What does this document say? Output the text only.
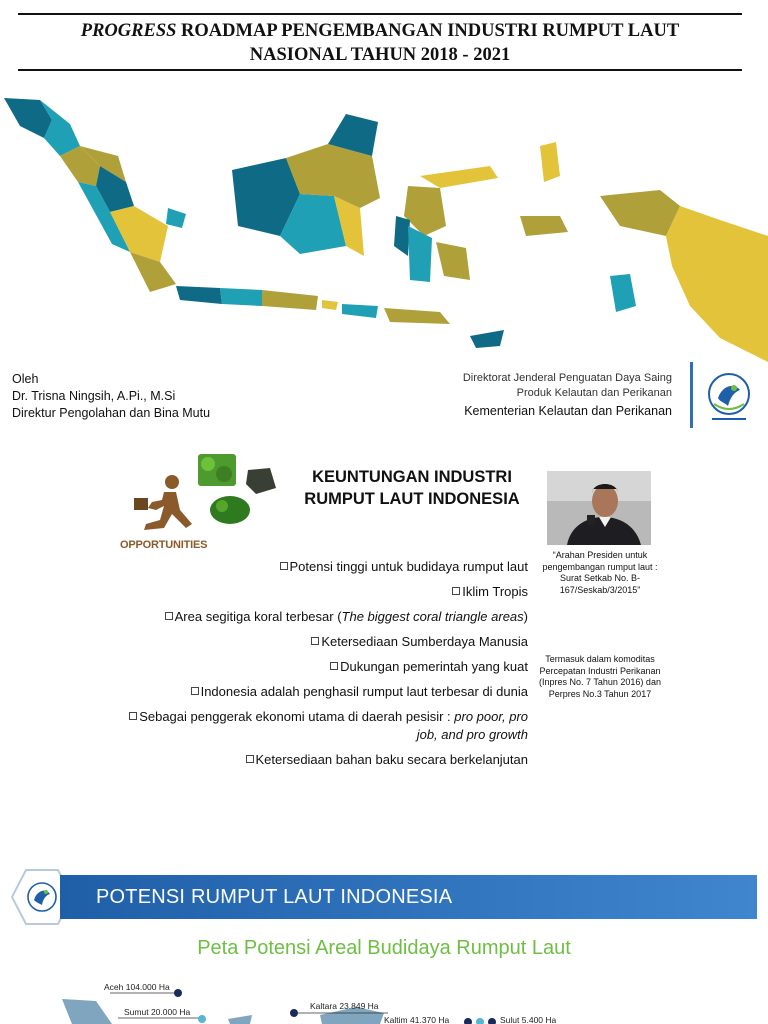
PROGRESS ROADMAP PENGEMBANGAN INDUSTRI RUMPUT LAUT
NASIONAL TAHUN 2018 - 2021
Oleh
Dr. Trisna Ningsih, A.Pi., M.Si
Direktur Pengolahan dan Bina Mutu
Direktorat Jenderal Penguatan Daya Saing
Produk Kelautan dan Perikanan
Kementerian Kelautan dan Perikanan
OPPORTUNITIES
KEUNTUNGAN INDUSTRI
RUMPUT LAUT INDONESIA
“Arahan Presiden untuk pengembangan rumput laut : Surat Setkab No. B-167/Seskab/3/2015”
Termasuk dalam komoditas Percepatan Industri Perikanan (Inpres No. 7 Tahun 2016) dan Perpres No.3 Tahun 2017
Potensi tinggi untuk budidaya rumput laut
Iklim Tropis
Area segitiga koral terbesar (The biggest coral triangle areas)
Ketersediaan Sumberdaya Manusia
Dukungan pemerintah yang kuat
Indonesia adalah penghasil rumput laut terbesar di dunia
Sebagai penggerak ekonomi utama di daerah pesisir : pro poor, pro job, and pro growth
Ketersediaan bahan baku secara berkelanjutan
POTENSI RUMPUT LAUT INDONESIA
Peta Potensi Areal Budidaya Rumput Laut
Aceh 104.000 Ha
Sumut 20.000 Ha
Kaltara 23.849 Ha
Kaltim 41.370 Ha	Sulut 5.400 Ha
